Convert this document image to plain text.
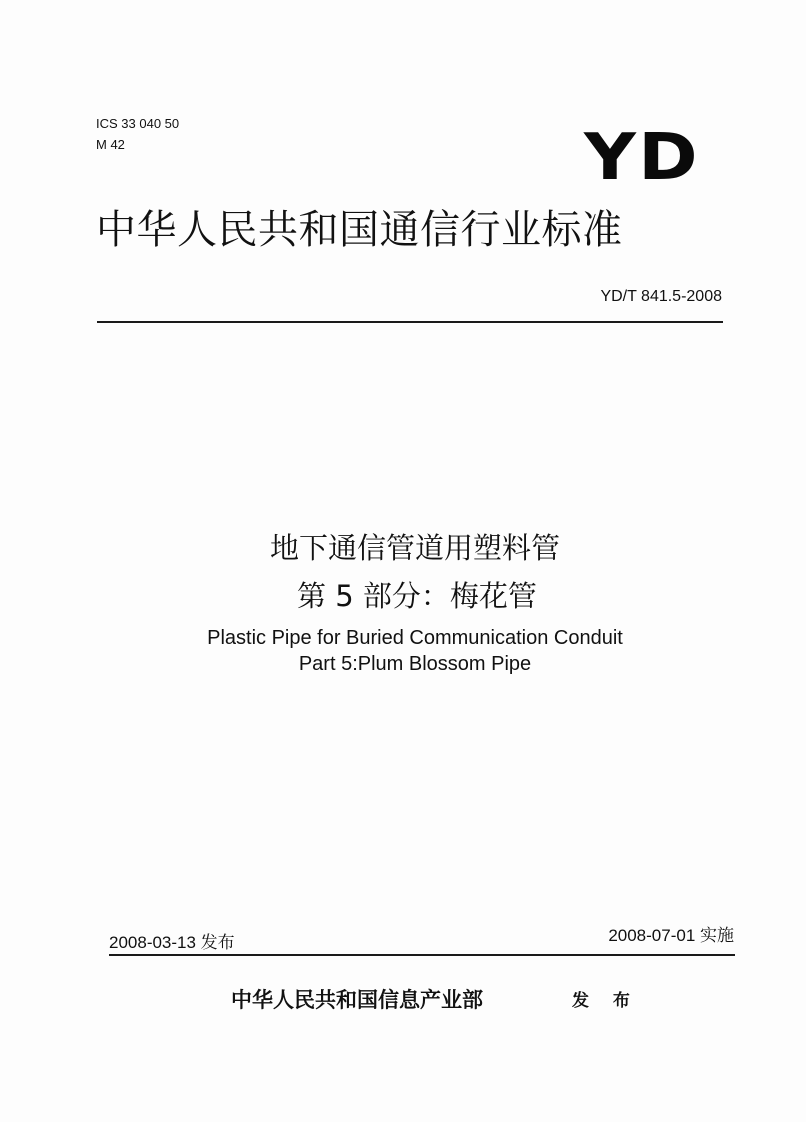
ICS 33 040 50
M 42	YD
中华人民共和国通信行业标准
YD/T 841.5-2008
地下通信管道用塑料管
第 5 部分：梅花管
Plastic Pipe for Buried Communication Conduit
Part 5:Plum Blossom Pipe
2008-03-13 发布	2008-07-01 实施
中华人民共和国信息产业部	发 布
